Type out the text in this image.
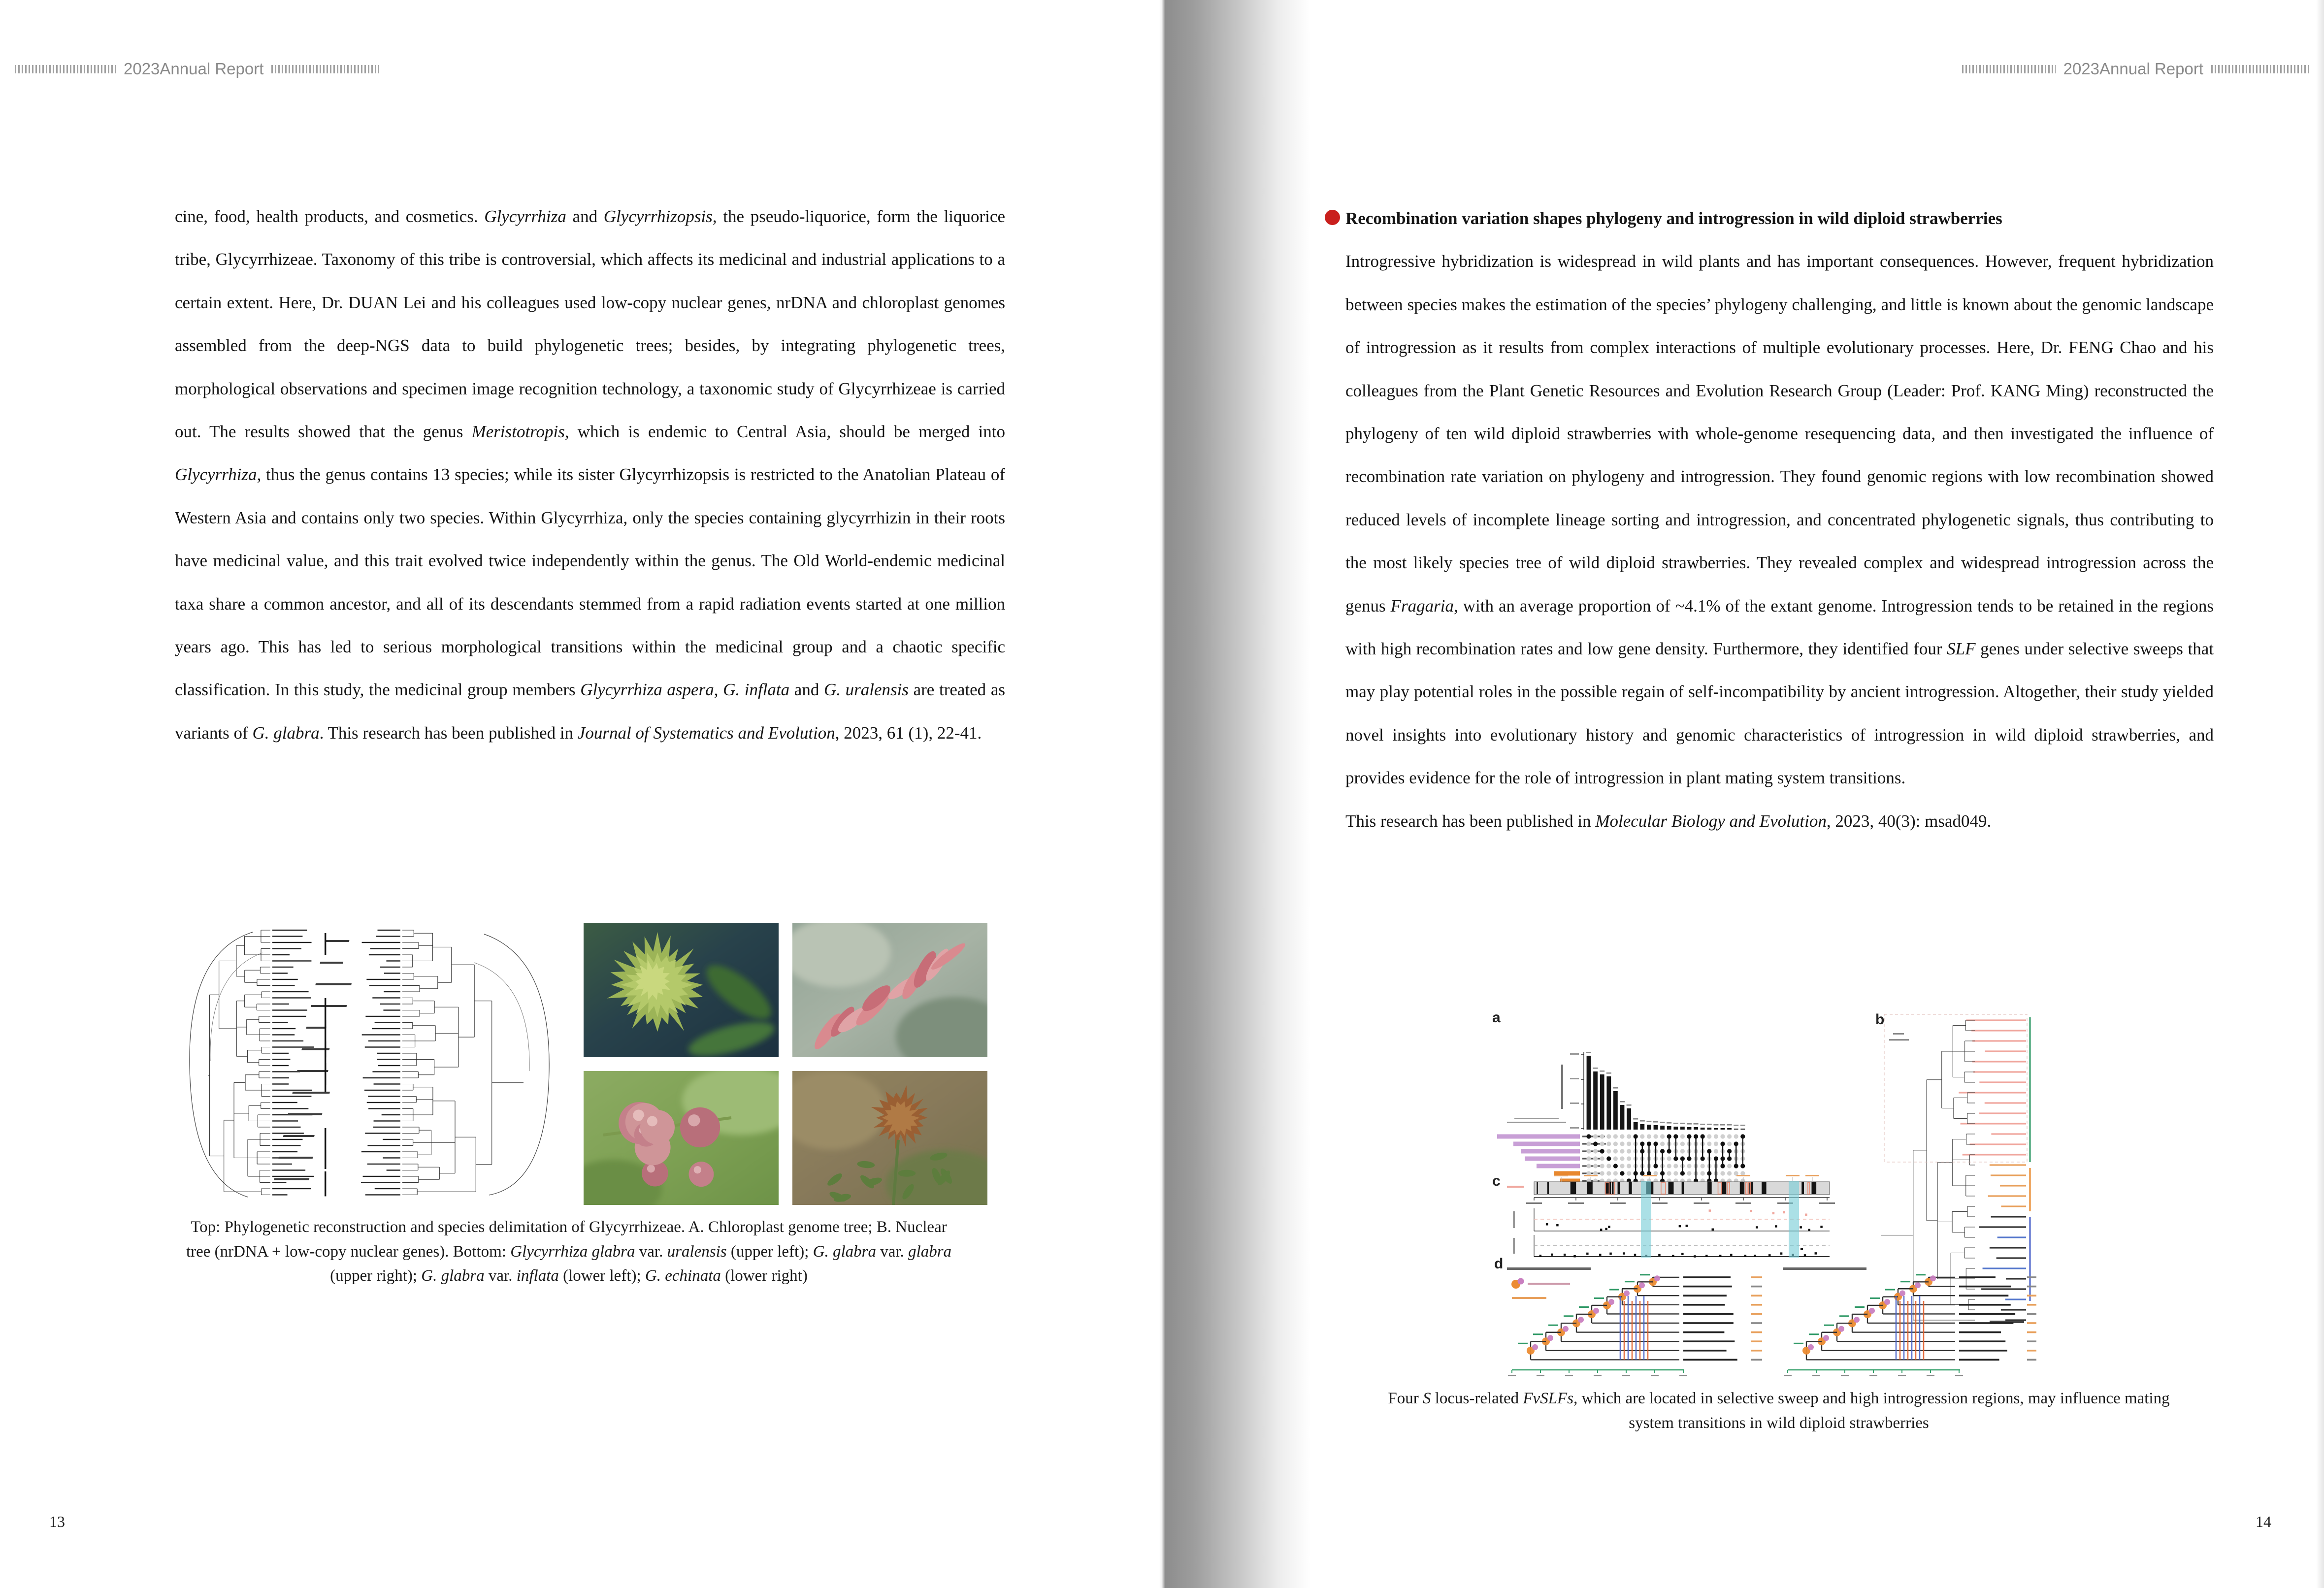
2023Annual Report

cine, food, health products, and cosmetics. Glycyrrhiza and Glycyrrhizopsis, the pseudo-liquorice, form the liquorice tribe, Glycyrrhizeae. Taxonomy of this tribe is controversial, which affects its medicinal and industrial applications to a certain extent. Here, Dr. DUAN Lei and his colleagues used low-copy nuclear genes, nrDNA and chloroplast genomes assembled from the deep-NGS data to build phylogenetic trees; besides, by integrating phylogenetic trees, morphological observations and specimen image recognition technology, a taxonomic study of Glycyrrhizeae is carried out. The results showed that the genus Meristotropis, which is endemic to Central Asia, should be merged into Glycyrrhiza, thus the genus contains 13 species; while its sister Glycyrrhizopsis is restricted to the Anatolian Plateau of Western Asia and contains only two species. Within Glycyrrhiza, only the species containing glycyrrhizin in their roots have medicinal value, and this trait evolved twice independently within the genus. The Old World-endemic medicinal taxa share a common ancestor, and all of its descendants stemmed from a rapid radiation events started at one million years ago. This has led to serious morphological transitions within the medicinal group and a chaotic specific classification. In this study, the medicinal group members Glycyrrhiza aspera, G. inflata and G. uralensis are treated as variants of G. glabra. This research has been published in Journal of Systematics and Evolution, 2023, 61 (1), 22-41.

Top: Phylogenetic reconstruction and species delimitation of Glycyrrhizeae. A. Chloroplast genome tree; B. Nuclear tree (nrDNA + low-copy nuclear genes). Bottom: Glycyrrhiza glabra var. uralensis (upper left); G. glabra var. glabra (upper right); G. glabra var. inflata (lower left); G. echinata (lower right)
13
2023Annual Report
Recombination variation shapes phylogeny and introgression in wild diploid strawberries

Introgressive hybridization is widespread in wild plants and has important consequences. However, frequent hybridization between species makes the estimation of the species’ phylogeny challenging, and little is known about the genomic landscape of introgression as it results from complex interactions of multiple evolutionary processes. Here, Dr. FENG Chao and his colleagues from the Plant Genetic Resources and Evolution Research Group (Leader: Prof. KANG Ming) reconstructed the phylogeny of ten wild diploid strawberries with whole-genome resequencing data, and then investigated the influence of recombination rate variation on phylogeny and introgression. They found genomic regions with low recombination showed reduced levels of incomplete lineage sorting and introgression, and concentrated phylogenetic signals, thus contributing to the most likely species tree of wild diploid strawberries. They revealed complex and widespread introgression across the genus Fragaria, with an average proportion of ~4.1% of the extant genome. Introgression tends to be retained in the regions with high recombination rates and low gene density. Furthermore, they identified four SLF genes under selective sweeps that may play potential roles in the possible regain of self-incompatibility by ancient introgression. Altogether, their study yielded novel insights into evolutionary history and genomic characteristics of introgression in wild diploid strawberries, and provides evidence for the role of introgression in plant mating system transitions.

This research has been published in Molecular Biology and Evolution, 2023, 40(3): msad049.

a	b
c
d
Four S locus-related FvSLFs, which are located in selective sweep and high introgression regions, may influence mating system transitions in wild diploid strawberries
14
